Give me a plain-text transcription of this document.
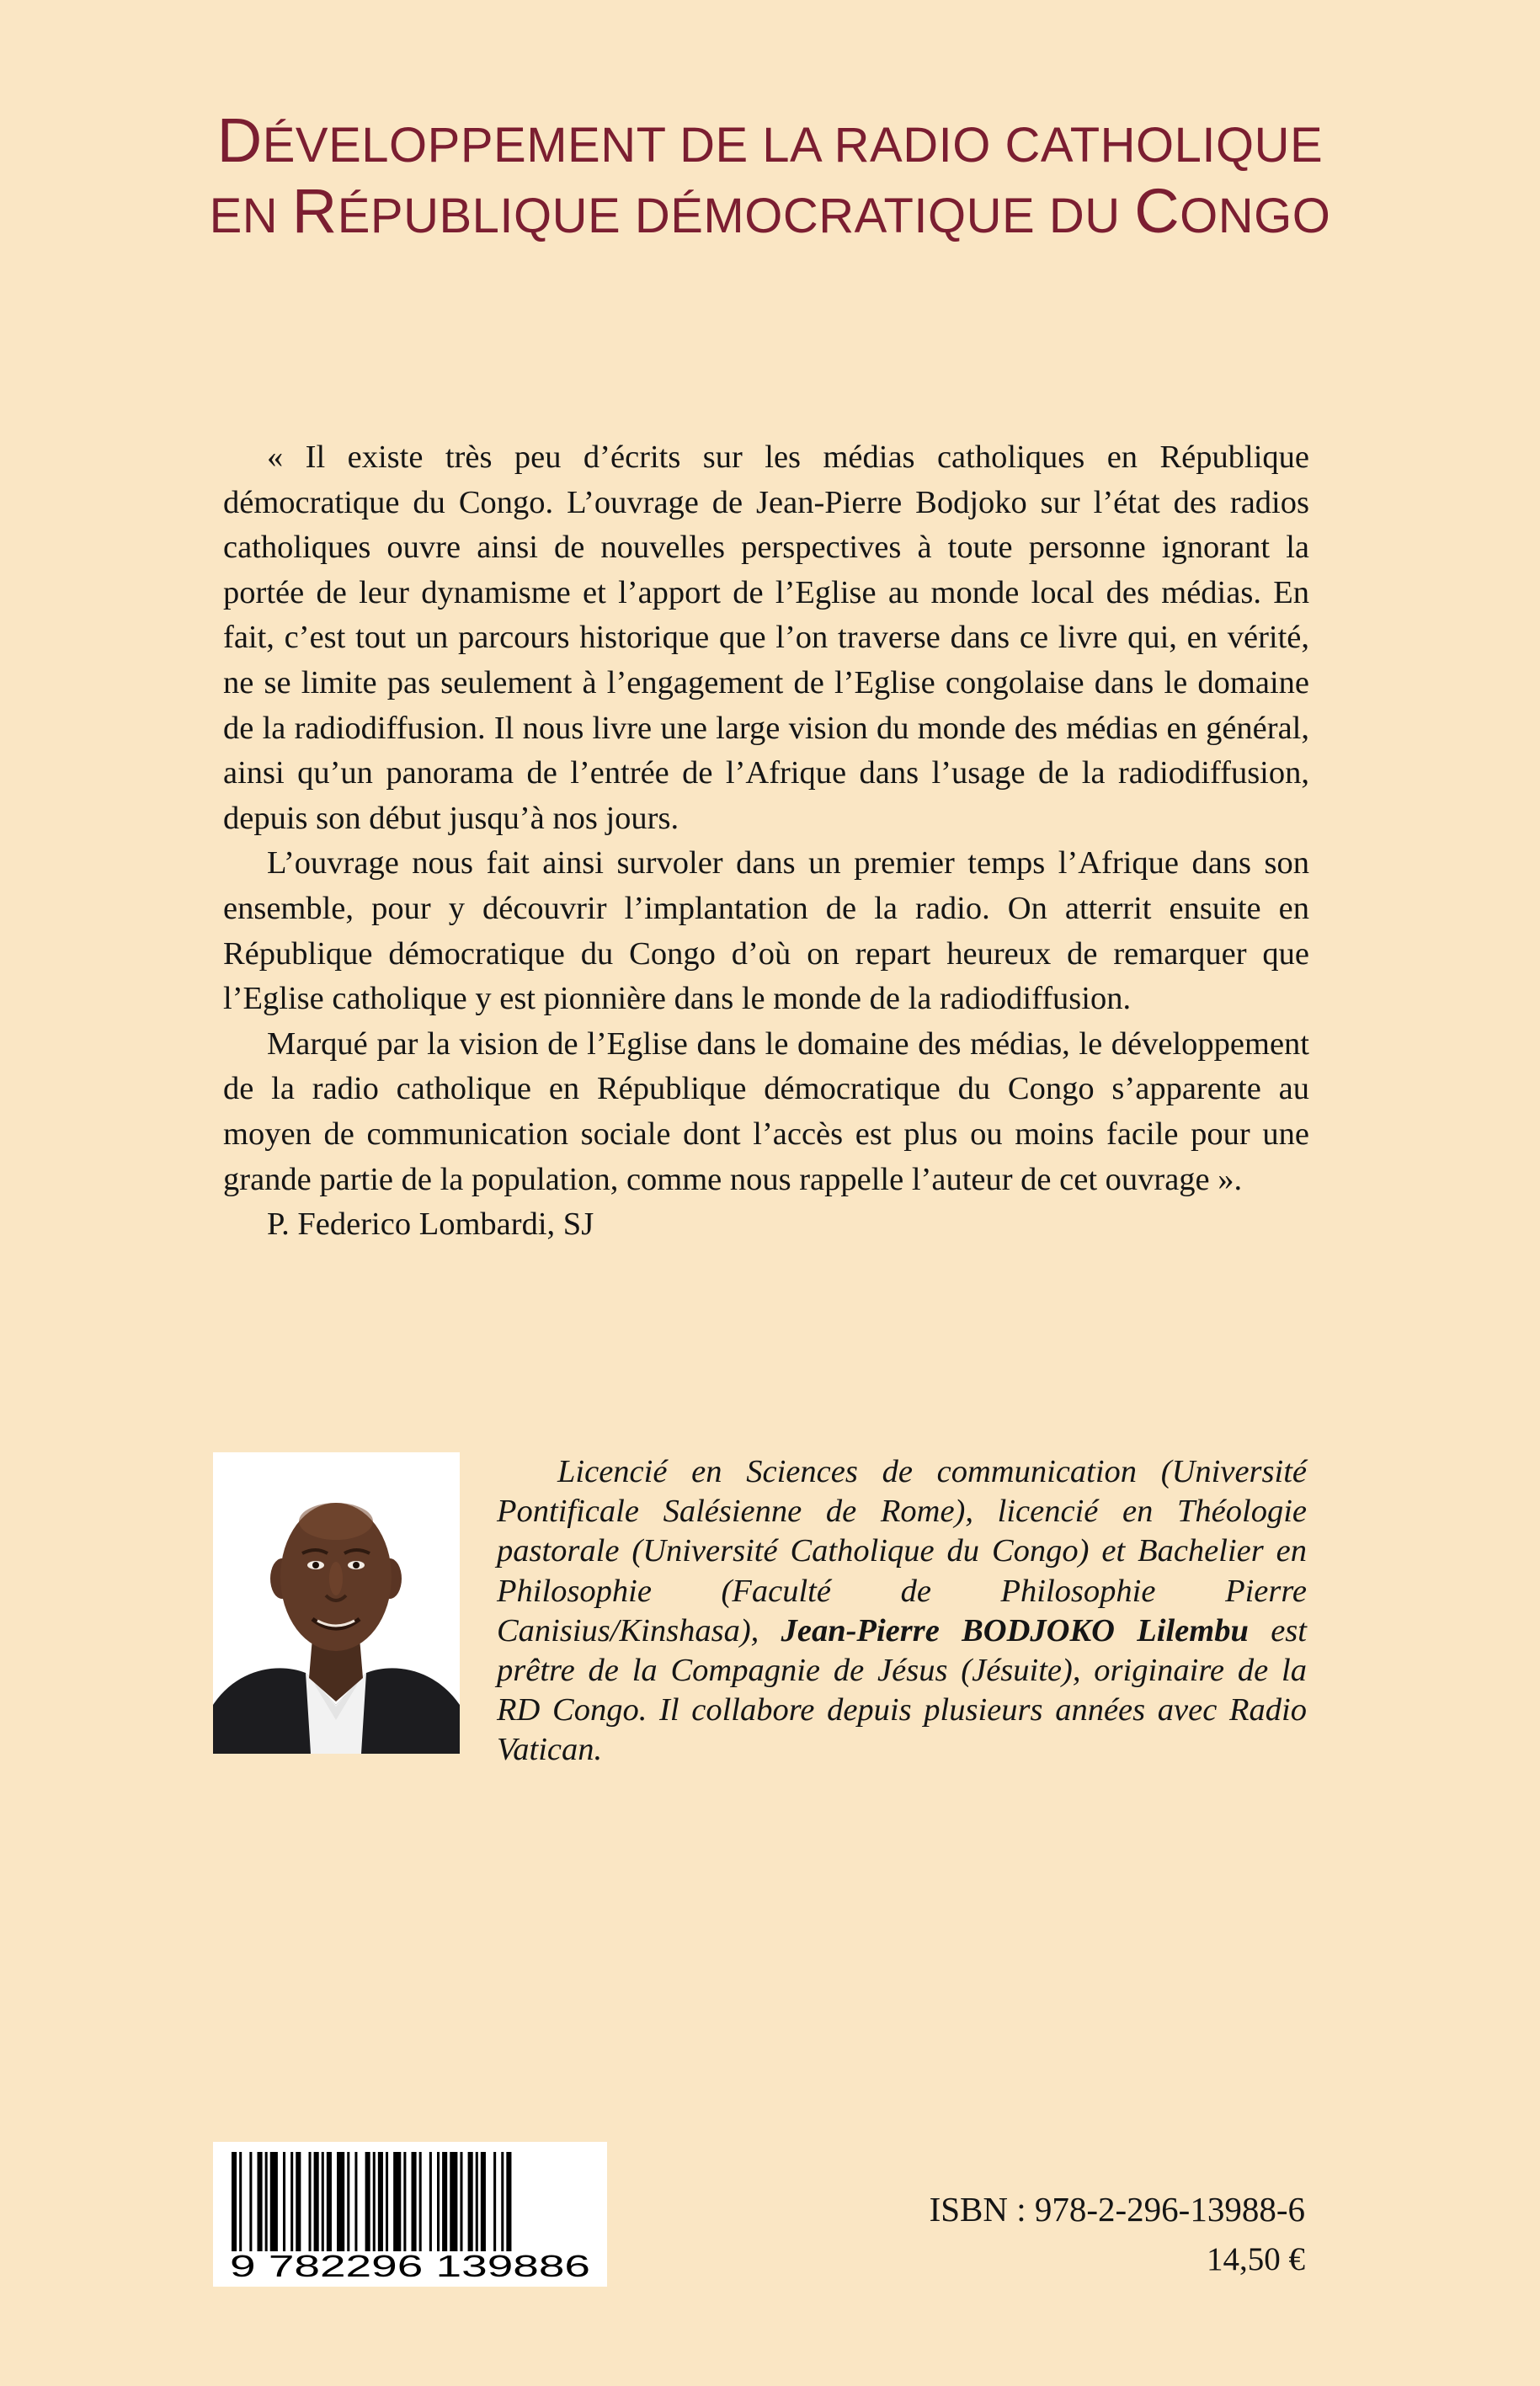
DÉVELOPPEMENT DE LA RADIO CATHOLIQUE
EN RÉPUBLIQUE DÉMOCRATIQUE DU CONGO

« Il existe très peu d’écrits sur les médias catholiques en République démocratique du Congo. L’ouvrage de Jean-Pierre Bodjoko sur l’état des radios catholiques ouvre ainsi de nouvelles perspectives à toute personne ignorant la portée de leur dynamisme et l’apport de l’Eglise au monde local des médias. En fait, c’est tout un parcours historique que l’on traverse dans ce livre qui, en vérité, ne se limite pas seulement à l’engagement de l’Eglise congolaise dans le domaine de la radiodiffusion. Il nous livre une large vision du monde des médias en général, ainsi qu’un panorama de l’entrée de l’Afrique dans l’usage de la radiodiffusion, depuis son début jusqu’à nos jours.

L’ouvrage nous fait ainsi survoler dans un premier temps l’Afrique dans son ensemble, pour y découvrir l’implantation de la radio. On atterrit ensuite en République démocratique du Congo d’où on repart heureux de remarquer que l’Eglise catholique y est pionnière dans le monde de la radiodiffusion.

Marqué par la vision de l’Eglise dans le domaine des médias, le développement de la radio catholique en République démocratique du Congo s’apparente au moyen de communication sociale dont l’accès est plus ou moins facile pour une grande partie de la population, comme nous rappelle l’auteur de cet ouvrage ».

P. Federico Lombardi, SJ

Licencié en Sciences de communication (Université Pontificale Salésienne de Rome), licencié en Théologie pastorale (Université Catholique du Congo) et Bachelier en Philosophie (Faculté de Philosophie Pierre Canisius/Kinshasa), Jean-Pierre BODJOKO Lilembu est prêtre de la Compagnie de Jésus (Jésuite), originaire de la RD Congo. Il collabore depuis plusieurs années avec Radio Vatican.

9 782296 139886
ISBN : 978-2-296-13988-6
14,50 €
